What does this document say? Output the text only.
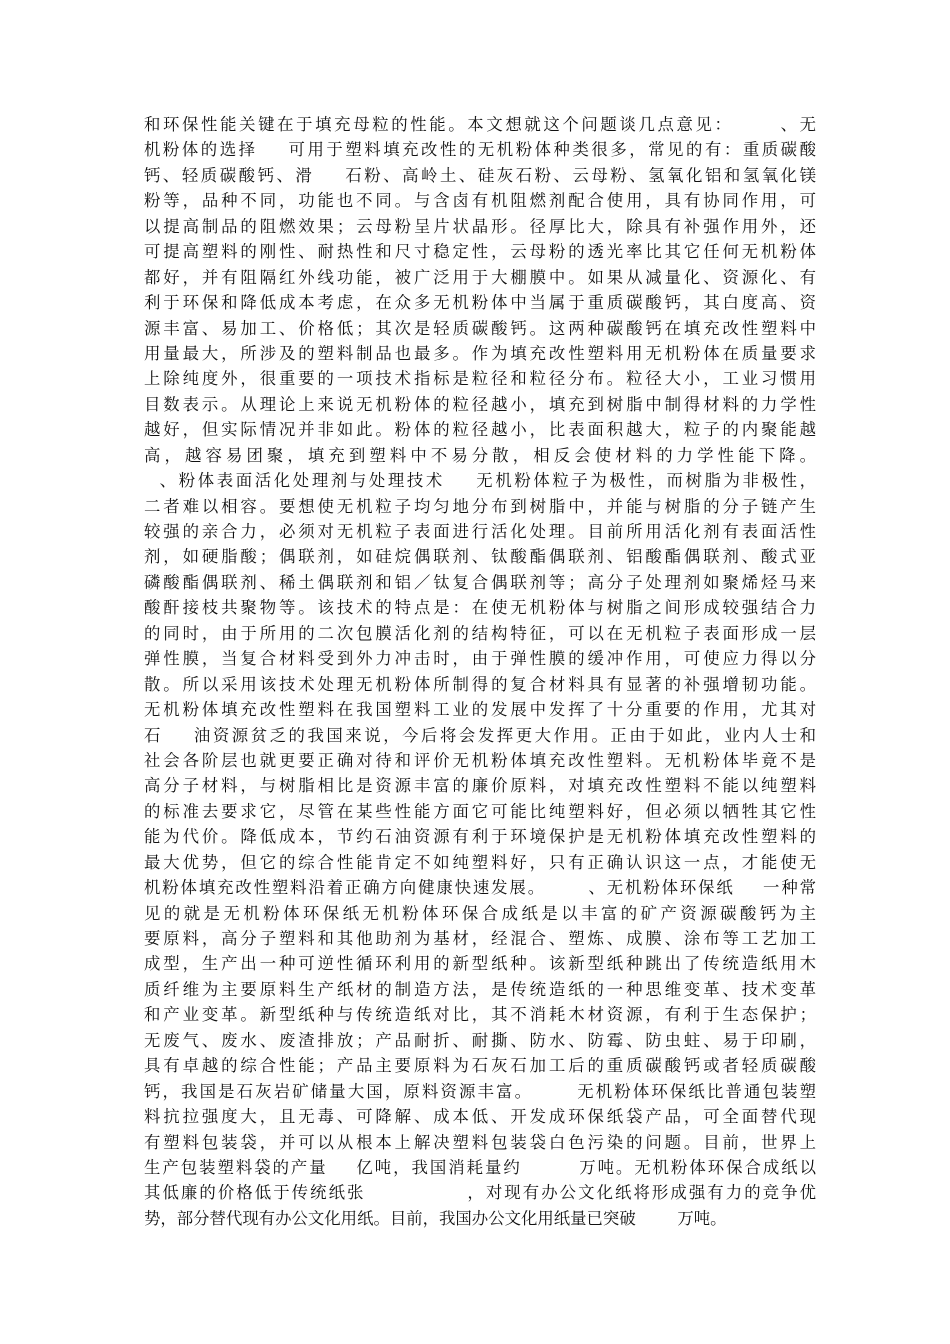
和环保性能关键在于填充母粒的性能。本文想就这个问题谈几点意见：      、无
机粉体的选择    可用于塑料填充改性的无机粉体种类很多，常见的有：重质碳酸
钙、轻质碳酸钙、滑    石粉、高岭土、硅灰石粉、云母粉、氢氧化铝和氢氧化镁
粉等，品种不同，功能也不同。与含卤有机阻燃剂配合使用，具有协同作用，可
以提高制品的阻燃效果；云母粉呈片状晶形。径厚比大，除具有补强作用外，还
可提高塑料的刚性、耐热性和尺寸稳定性，云母粉的透光率比其它任何无机粉体
都好，并有阻隔红外线功能，被广泛用于大棚膜中。如果从减量化、资源化、有
利于环保和降低成本考虑，在众多无机粉体中当属于重质碳酸钙，其白度高、资
源丰富、易加工、价格低；其次是轻质碳酸钙。这两种碳酸钙在填充改性塑料中
用量最大，所涉及的塑料制品也最多。作为填充改性塑料用无机粉体在质量要求
上除纯度外，很重要的一项技术指标是粒径和粒径分布。粒径大小，工业习惯用
目数表示。从理论上来说无机粉体的粒径越小，填充到树脂中制得材料的力学性
越好，但实际情况并非如此。粉体的粒径越小，比表面积越大，粒子的内聚能越
高，越容易团聚，填充到塑料中不易分散，相反会使材料的力学性能下降。
、粉体表面活化处理剂与处理技术    无机粉体粒子为极性，而树脂为非极性，
二者难以相容。要想使无机粒子均匀地分布到树脂中，并能与树脂的分子链产生
较强的亲合力，必须对无机粒子表面进行活化处理。目前所用活化剂有表面活性
剂，如硬脂酸；偶联剂，如硅烷偶联剂、钛酸酯偶联剂、铝酸酯偶联剂、酸式亚
磷酸酯偶联剂、稀土偶联剂和铝／钛复合偶联剂等；高分子处理剂如聚烯烃马来
酸酐接枝共聚物等。该技术的特点是：在使无机粉体与树脂之间形成较强结合力
的同时，由于所用的二次包膜活化剂的结构特征，可以在无机粒子表面形成一层
弹性膜，当复合材料受到外力冲击时，由于弹性膜的缓冲作用，可使应力得以分
散。所以采用该技术处理无机粉体所制得的复合材料具有显著的补强增韧功能。
无机粉体填充改性塑料在我国塑料工业的发展中发挥了十分重要的作用，尤其对
石    油资源贫乏的我国来说，今后将会发挥更大作用。正由于如此，业内人士和
社会各阶层也就更要正确对待和评价无机粉体填充改性塑料。无机粉体毕竟不是
高分子材料，与树脂相比是资源丰富的廉价原料，对填充改性塑料不能以纯塑料
的标准去要求它，尽管在某些性能方面它可能比纯塑料好，但必须以牺牲其它性
能为代价。降低成本，节约石油资源有利于环境保护是无机粉体填充改性塑料的
最大优势，但它的综合性能肯定不如纯塑料好，只有正确认识这一点，才能使无
机粉体填充改性塑料沿着正确方向健康快速发展。      、无机粉体环保纸    一种常
见的就是无机粉体环保纸无机粉体环保合成纸是以丰富的矿产资源碳酸钙为主
要原料，高分子塑料和其他助剂为基材，经混合、塑炼、成膜、涂布等工艺加工
成型，生产出一种可逆性循环利用的新型纸种。该新型纸种跳出了传统造纸用木
质纤维为主要原料生产纸材的制造方法，是传统造纸的一种思维变革、技术变革
和产业变革。新型纸种与传统造纸对比，其不消耗木材资源，有利于生态保护；
无废气、废水、废渣排放；产品耐折、耐撕、防水、防霉、防虫蛀、易于印刷，
具有卓越的综合性能；产品主要原料为石灰石加工后的重质碳酸钙或者轻质碳酸
钙，我国是石灰岩矿储量大国，原料资源丰富。      无机粉体环保纸比普通包装塑
料抗拉强度大，且无毒、可降解、成本低、开发成环保纸袋产品，可全面替代现
有塑料包装袋，并可以从根本上解决塑料包装袋白色污染的问题。目前，世界上
生产包装塑料袋的产量    亿吨，我国消耗量约        万吨。无机粉体环保合成纸以
其低廉的价格低于传统纸张              ，对现有办公文化纸将形成强有力的竞争优
势，部分替代现有办公文化用纸。目前，我国办公文化用纸量已突破        万吨。
